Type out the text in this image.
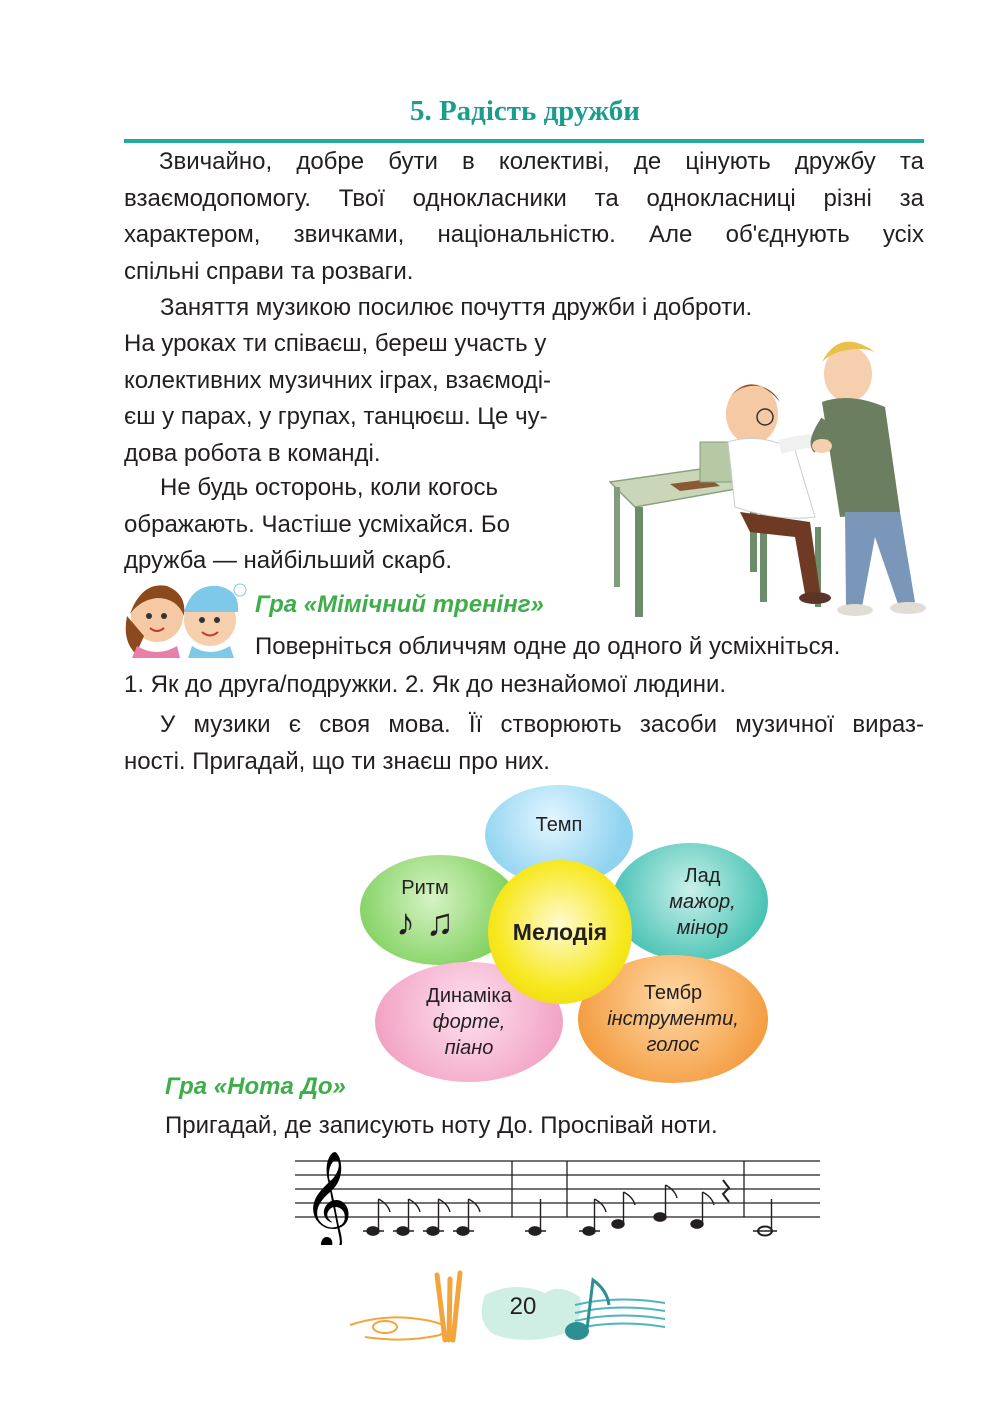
5. Радість дружби

Звичайно, добре бути в колективі, де цінують дружбу та

взаємодопомогу. Твої однокласники та однокласниці різні за

характером, звичками, національністю. Але об'єднують усіх

спільні справи та розваги.

Заняття музикою посилює почуття дружби і доброти.

На уроках ти співаєш, береш участь у

колективних музичних іграх, взаємоді-

єш у парах, у групах, танцюєш. Це чу-

дова робота в команді.

Не будь осторонь, коли когось

ображають. Частіше усміхайся. Бо

дружба — найбільший скарб.

Гра «Мімічний тренінг»
Поверніться обличчям одне до одного й усміхніться.
1. Як до друга/подружки. 2. Як до незнайомої людини.

У музики є своя мова. Її створюють засоби музичної вираз-

ності. Пригадай, що ти знаєш про них.

Темп
Ритм
♪ ♫
Лад
мажор,
мінор
Динаміка
форте,
піано
Тембр
інструменти,
голос
Мелодія
Гра «Нота До»
Пригадай, де записують ноту До. Проспівай ноти.
𝄞
20
